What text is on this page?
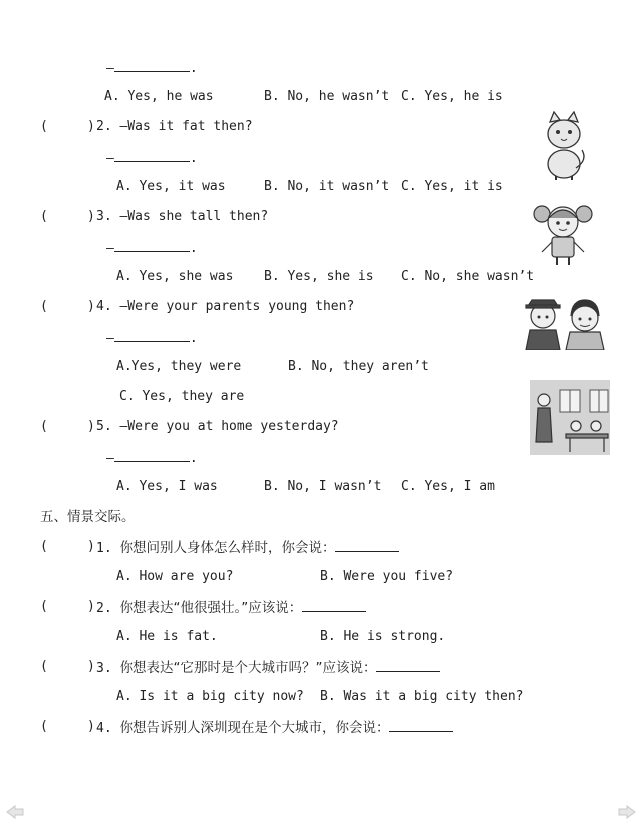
—	.
A. Yes, he was	B. No, he wasn’t C. Yes, he is
(     ) 2. —Was it fat then?
—	.
A. Yes, it was	B. No, it wasn’t C. Yes, it is
(     ) 3. —Was she tall then?
—	.
A. Yes, she was B. Yes, she is C. No, she wasn’t
(     ) 4. —Were your parents young then?
—	.
A.Yes, they were	B. No, they aren’t
C. Yes, they are
(     ) 5. —Were you at home yesterday?
—	.
A. Yes, I was	B. No, I wasn’t C. Yes, I am
五、情景交际。
(     ) 1. 你想问别人身体怎么样时，你会说：
A. How are you?	B. Were you five?
(     ) 2. 你想表达“他很强壮。”应该说：
A. He is fat.	B. He is strong.
(     ) 3. 你想表达“它那时是个大城市吗？”应该说：
A. Is it a big city now? B. Was it a big city then?
(     ) 4. 你想告诉别人深圳现在是个大城市，你会说：
